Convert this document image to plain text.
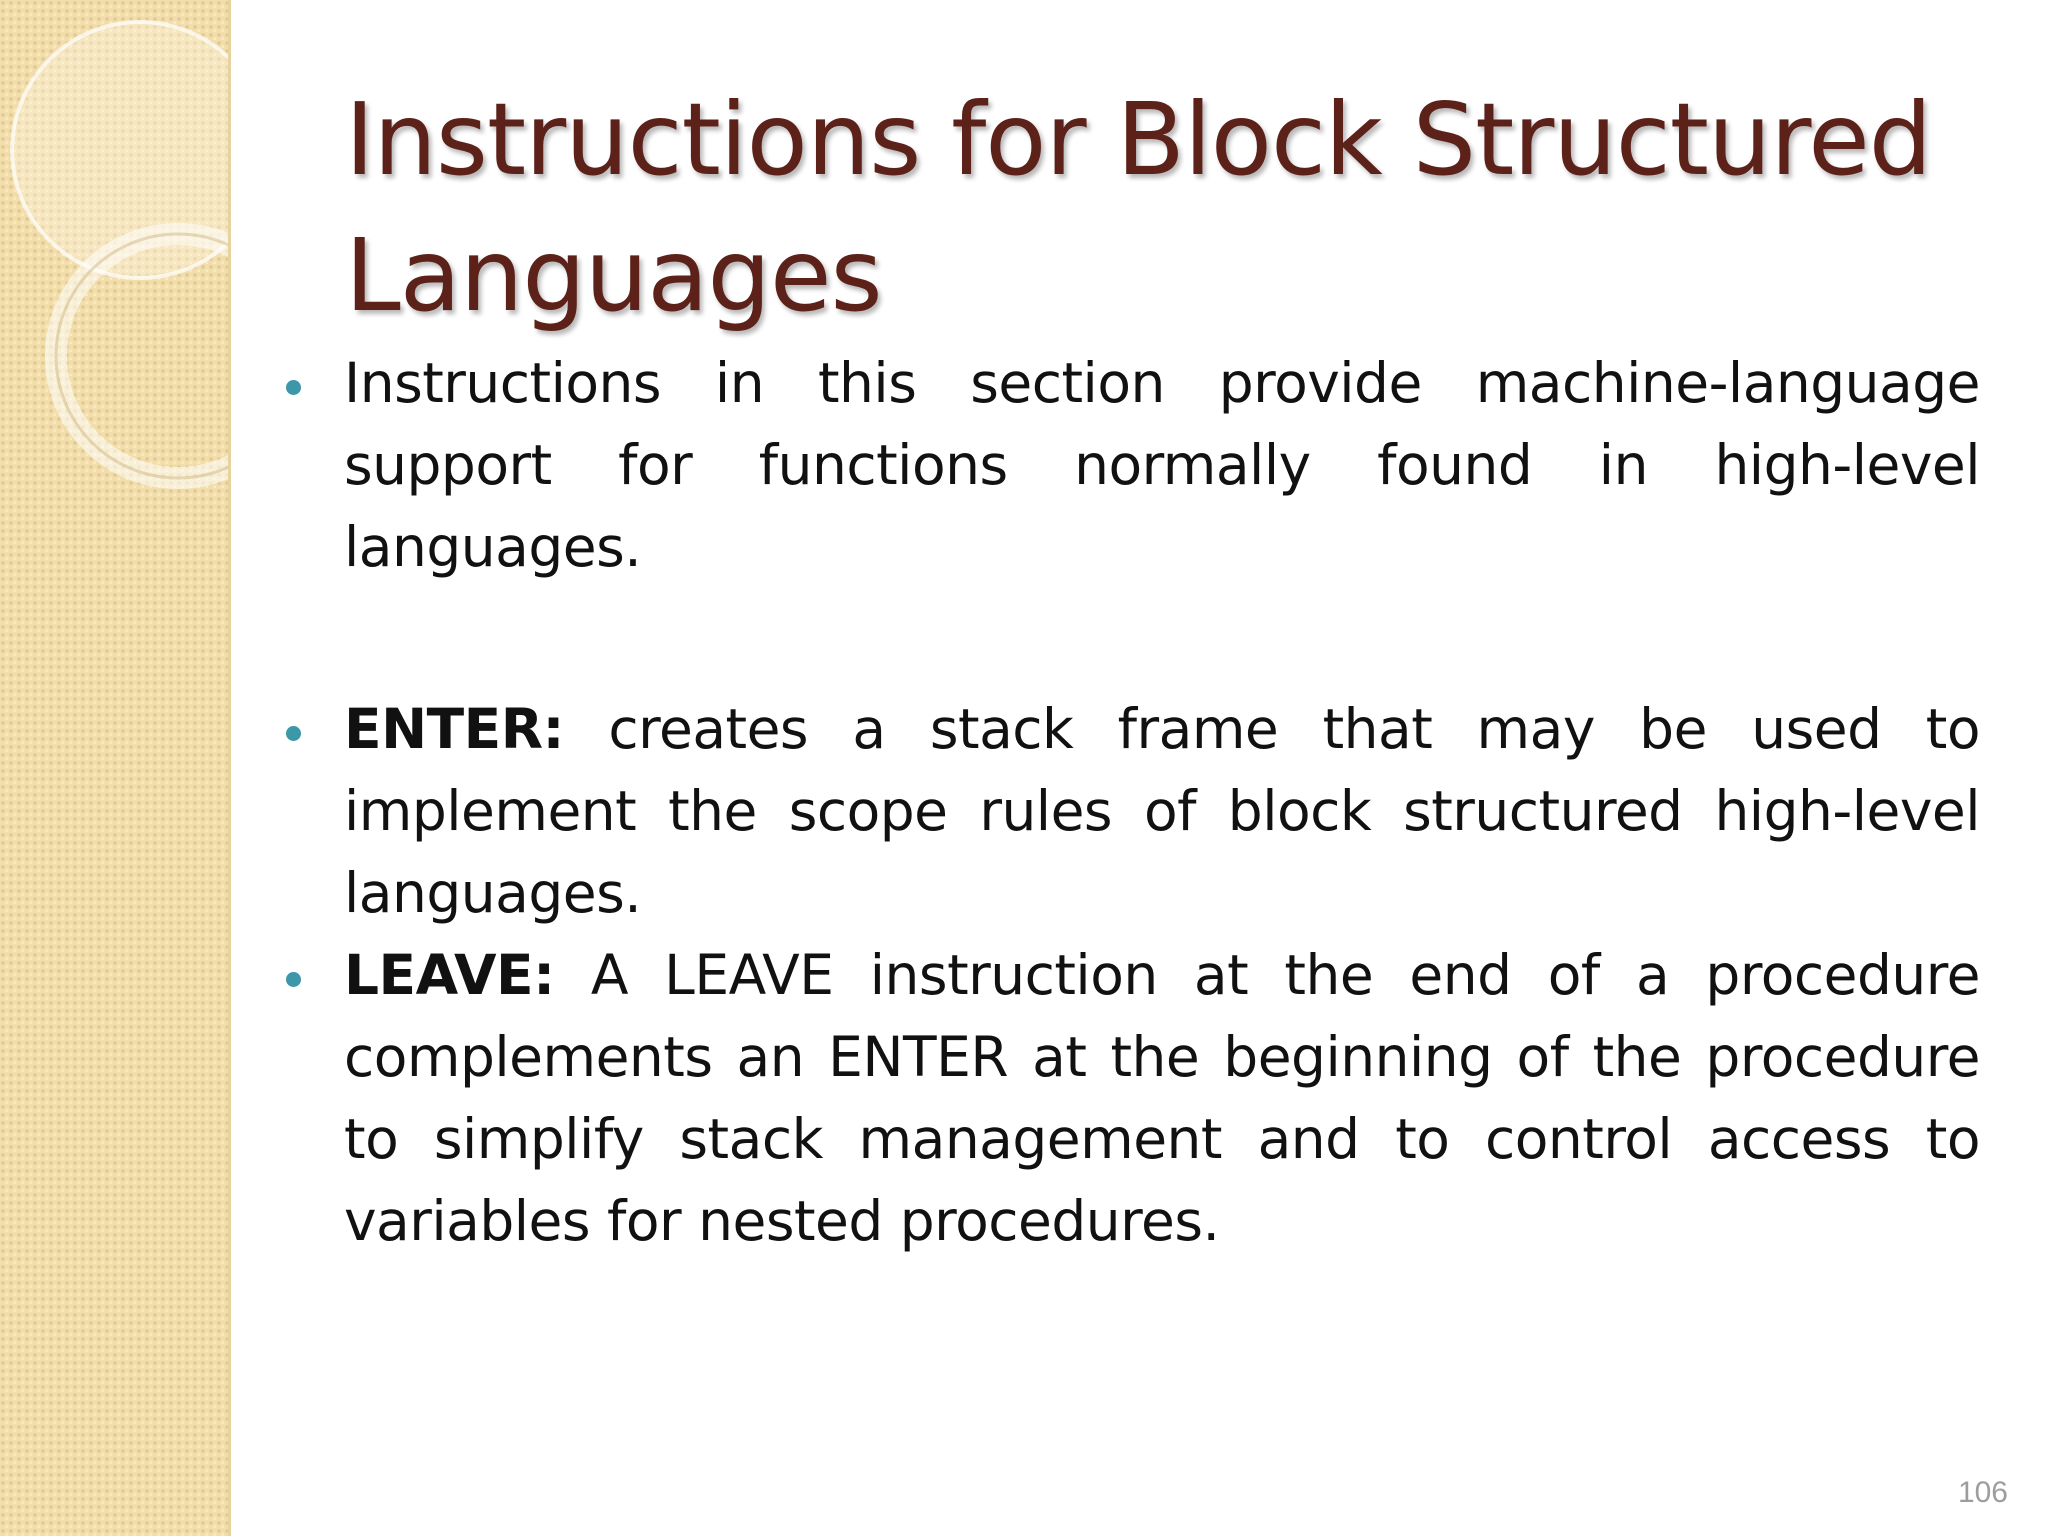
Instructions for Block Structured Languages
Instructions in this section provide machine-language support for functions normally found in high-level languages.
ENTER: creates a stack frame that may be used to implement the scope rules of block structured high-level languages.
LEAVE: A LEAVE instruction at the end of a procedure complements an ENTER at the beginning of the procedure to simplify stack management and to control access to variables for nested procedures.
106
